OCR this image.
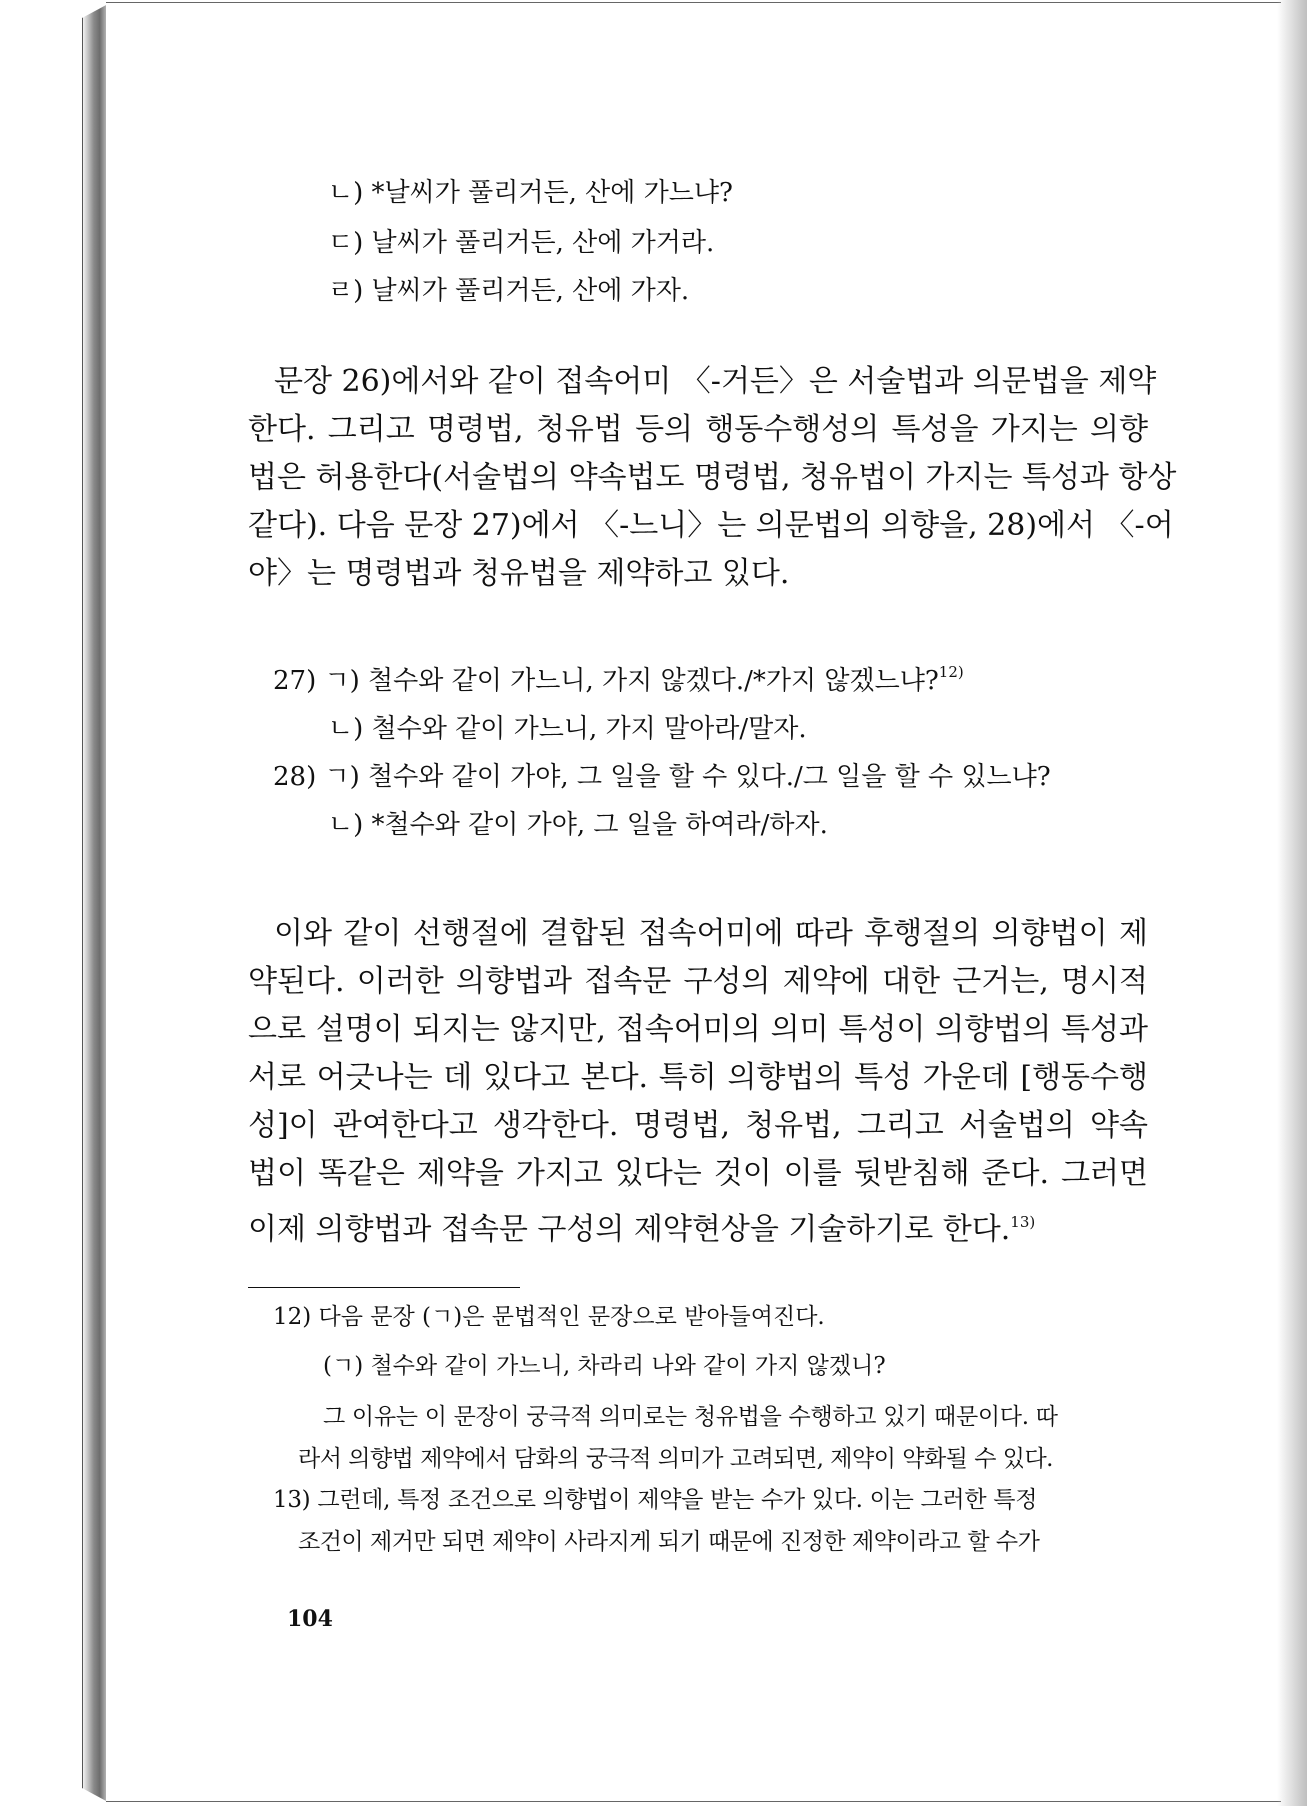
ㄴ) *날씨가 풀리거든, 산에 가느냐?
ㄷ) 날씨가 풀리거든, 산에 가거라.
ㄹ) 날씨가 풀리거든, 산에 가자.
문장 26)에서와 같이 접속어미 〈-거든〉은 서술법과 의문법을 제약
한다. 그리고 명령법, 청유법 등의 행동수행성의 특성을 가지는 의향
법은 허용한다(서술법의 약속법도 명령법, 청유법이 가지는 특성과 항상
같다). 다음 문장 27)에서 〈-느니〉는 의문법의 의향을, 28)에서 〈-어
야〉는 명령법과 청유법을 제약하고 있다.
27) ㄱ) 철수와 같이 가느니, 가지 않겠다./*가지 않겠느냐?$^{12)}$
ㄴ) 철수와 같이 가느니, 가지 말아라/말자.
28) ㄱ) 철수와 같이 가야, 그 일을 할 수 있다./그 일을 할 수 있느냐?
ㄴ) *철수와 같이 가야, 그 일을 하여라/하자.
이와 같이 선행절에 결합된 접속어미에 따라 후행절의 의향법이 제
약된다. 이러한 의향법과 접속문 구성의 제약에 대한 근거는, 명시적
으로 설명이 되지는 않지만, 접속어미의 의미 특성이 의향법의 특성과
서로 어긋나는 데 있다고 본다. 특히 의향법의 특성 가운데 [행동수행
성]이 관여한다고 생각한다. 명령법, 청유법, 그리고 서술법의 약속
법이 똑같은 제약을 가지고 있다는 것이 이를 뒷받침해 준다. 그러면
이제 의향법과 접속문 구성의 제약현상을 기술하기로 한다.$^{13)}$
12) 다음 문장 (ㄱ)은 문법적인 문장으로 받아들여진다.
(ㄱ) 철수와 같이 가느니, 차라리 나와 같이 가지 않겠니?
그 이유는 이 문장이 궁극적 의미로는 청유법을 수행하고 있기 때문이다. 따
라서 의향법 제약에서 담화의 궁극적 의미가 고려되면, 제약이 약화될 수 있다.
13) 그런데, 특정 조건으로 의향법이 제약을 받는 수가 있다. 이는 그러한 특정
조건이 제거만 되면 제약이 사라지게 되기 때문에 진정한 제약이라고 할 수가
104
